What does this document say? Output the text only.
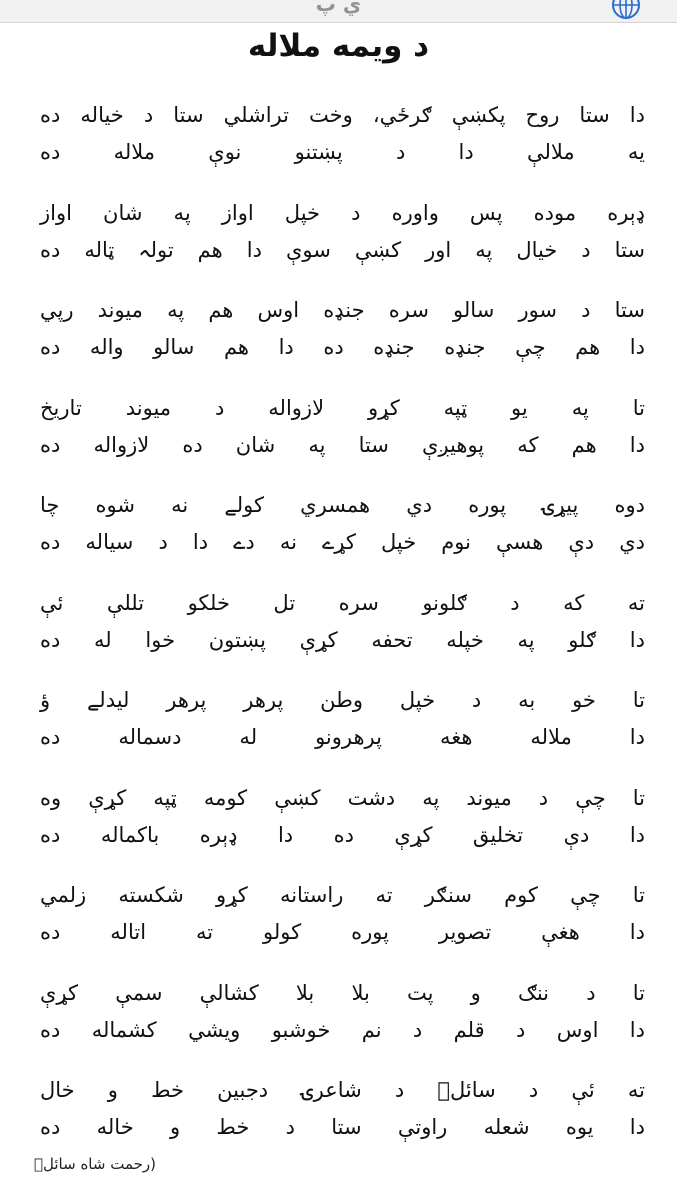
ي پ
د ویمه ملاله
دا ستا روح پکښې ګرځي، وخت تراشلي ستا د خياله ده
يه ملالې دا د پښتنو نوې ملاله ده
ډېره موده پس واوره د خپل اواز په شان اواز
ستا د خيال په اور کښې سوې دا هم تولہ ټاله ده
ستا د سور سالو سره جنډه اوس هم په ميوند رپي
دا هم چې جنډه جنډه ده دا هم سالو واله ده
تا په يو ټپه کړو لازواله د ميوند تاريخ
دا هم که پوهيږې ستا په شان ده لازواله ده
دوه پيړۍ پوره دي همسري کولے نه شوه چا
دي دې هسې نوم خپل کړے نه دے دا د سياله ده
ته که د ګلونو سره تل خلکو تللې ئې
دا ګلو په خپله تحفه کړې پښتون خوا له ده
تا خو به د خپل وطن پرهر پرهر ليدلے ؤ
دا ملاله هغه پرهرونو له دسماله ده
تا چې د ميوند په دشت کښې کومه ټپه کړې وه
دا دې تخليق کړې ده دا ډېره باکماله ده
تا چې کوم سنګر ته راستانه کړو شکسته زلمي
دا هغې تصوير پوره کولو ته اتاله ده
تا د ننګ و پت بلا بلا کشالې سمې کړې
دا اوس د قلم د نم خوشبو ويشي کشماله ده
ته ئې د سائلؔ د شاعرۍ دجبين خط و خال
دا يوه شعله راوتې ستا د خط و خاله ده
(رحمت شاه سائلؔ
